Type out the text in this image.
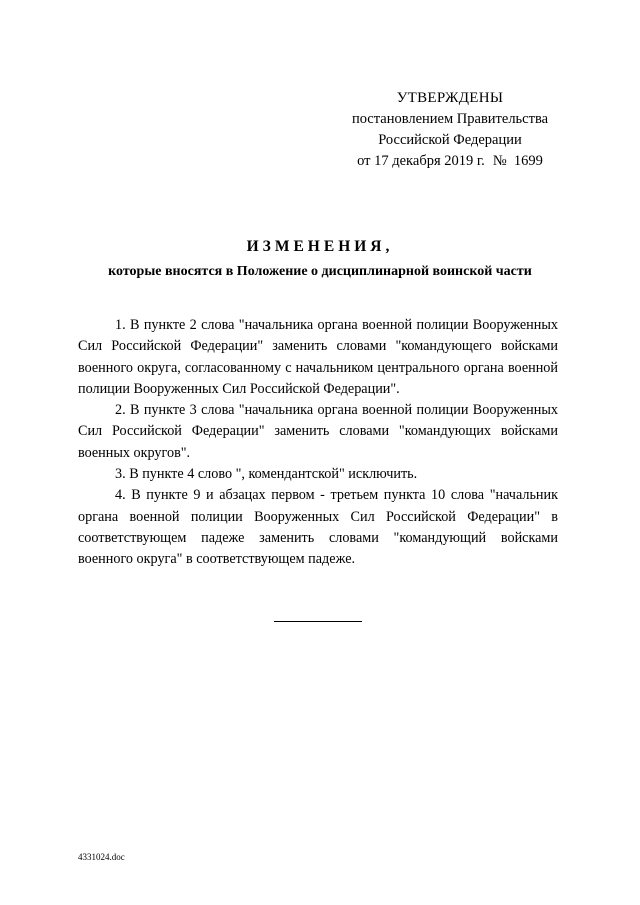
УТВЕРЖДЕНЫ
постановлением Правительства
Российской Федерации
от 17 декабря 2019 г. №  1699
ИЗМЕНЕНИЯ,
которые вносятся в Положение о дисциплинарной воинской части

1. В пункте 2 слова "начальника органа военной полиции Вооруженных Сил Российской Федерации" заменить словами "командующего войсками военного округа, согласованному с начальником центрального органа военной полиции Вооруженных Сил Российской Федерации".

2. В пункте 3 слова "начальника органа военной полиции Вооруженных Сил Российской Федерации" заменить словами "командующих войсками военных округов".

3. В пункте 4 слово ", комендантской" исключить.

4. В пункте 9 и абзацах первом - третьем пункта 10 слова "начальник органа военной полиции Вооруженных Сил Российской Федерации" в соответствующем падеже заменить словами "командующий войсками военного округа" в соответствующем падеже.

4331024.doc
